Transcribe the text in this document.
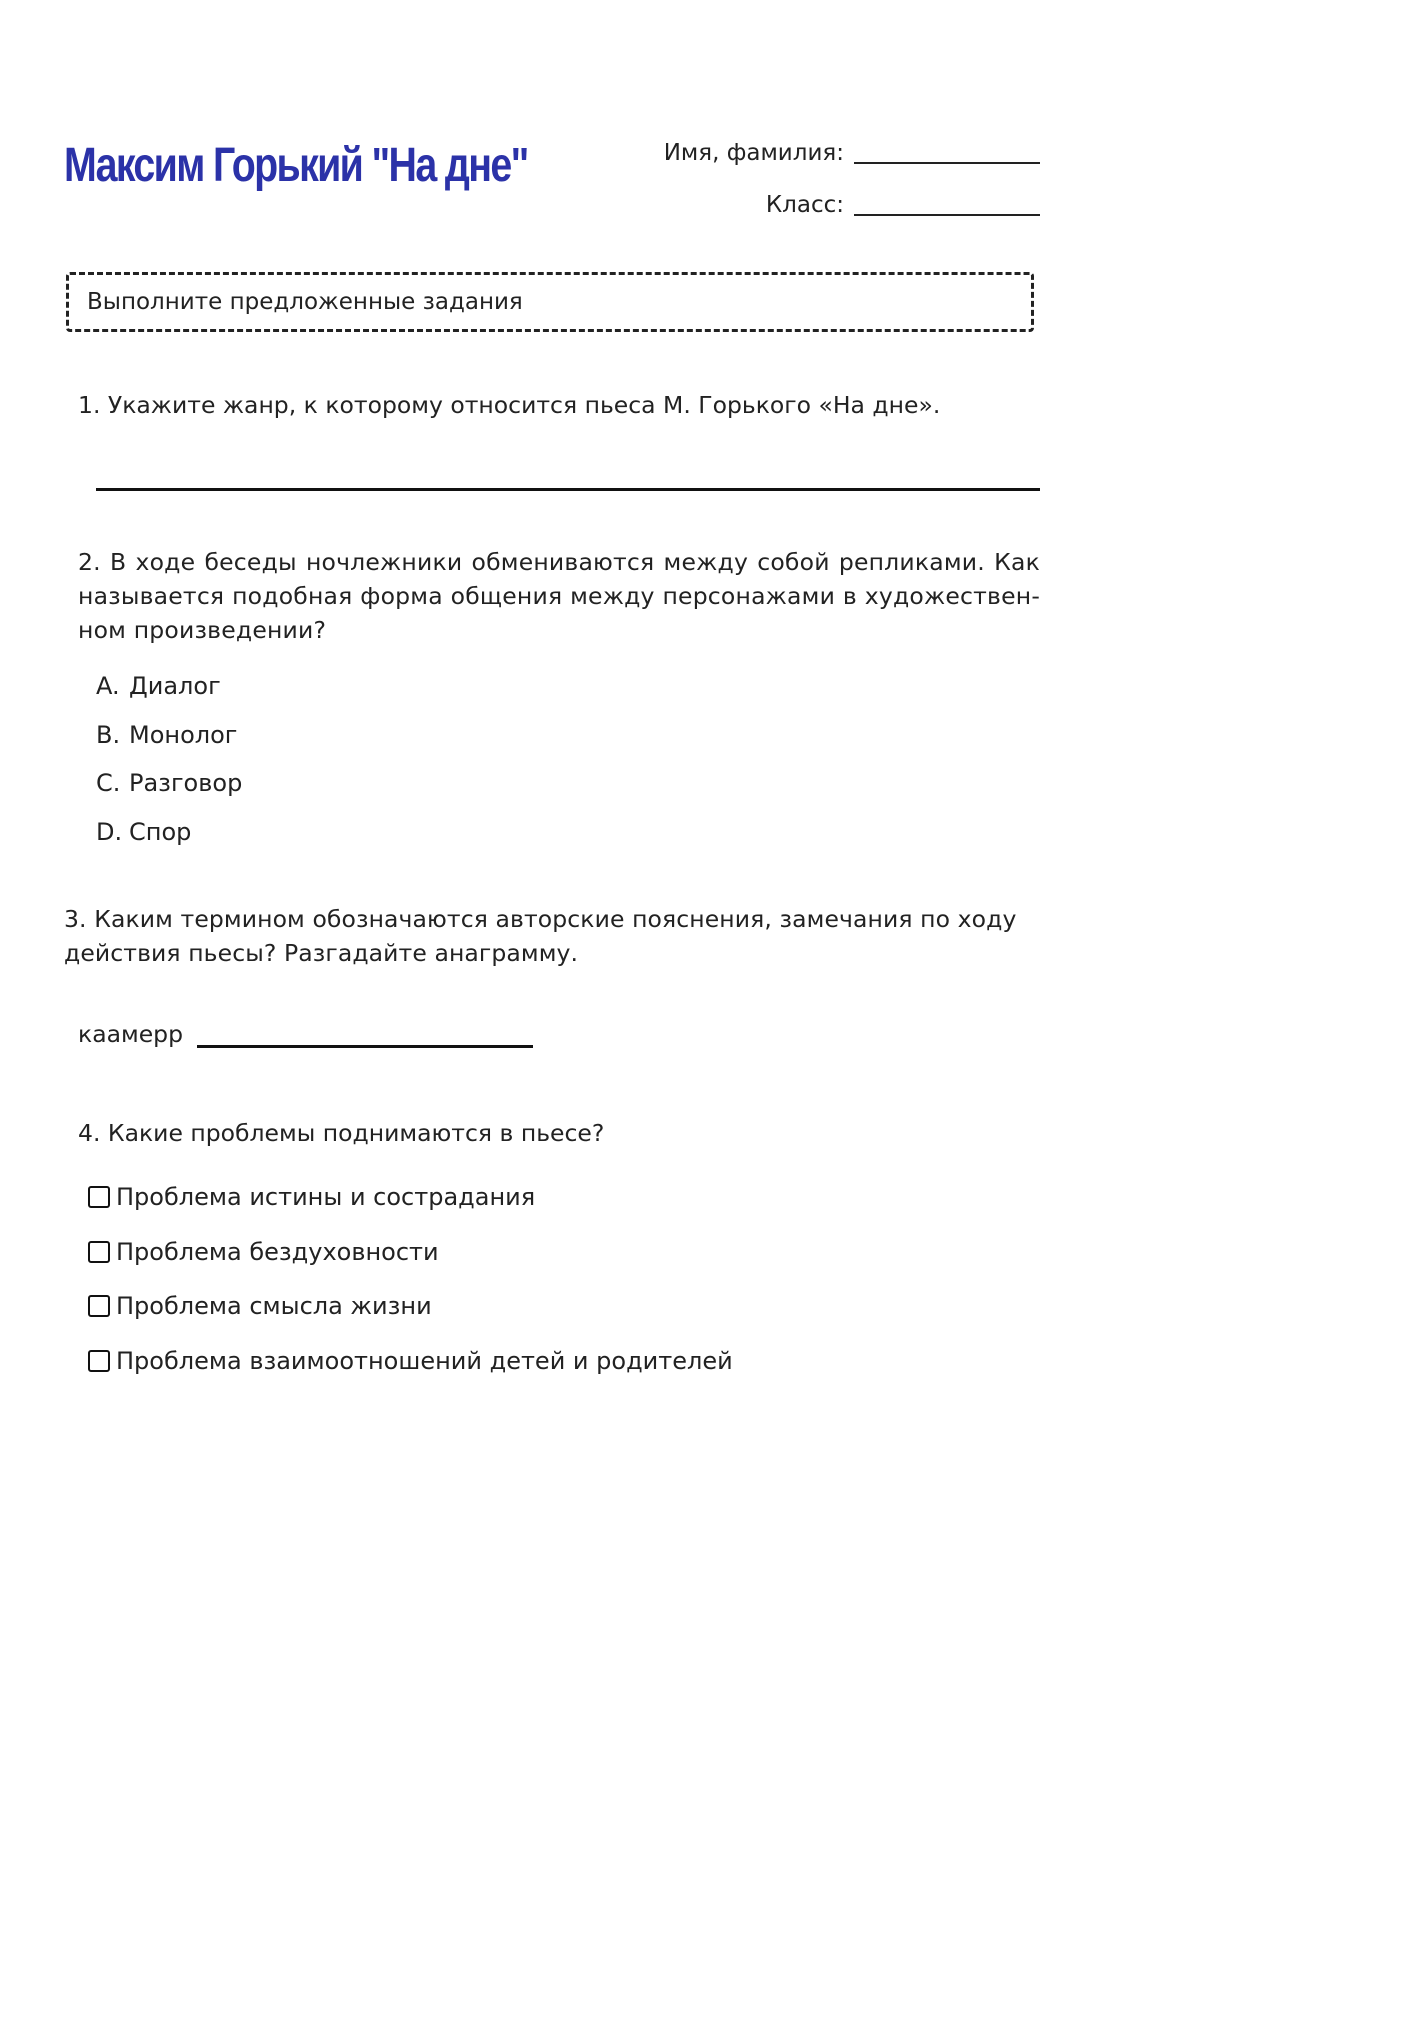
Максим Горький "На дне"	Имя, фамилия:
Класс:
Выполните предложенные задания

1. Укажите жанр, к которому относится пьеса М. Горького «На дне».

2. В ходе беседы ночлежники обмениваются между собой репликами. Как
называется подобная форма общения между персонажами в художествен-
ном произведении?

A. Диалог
B. Монолог
C. Разговор
D. Спор

3. Каким термином обозначаются авторские пояснения, замечания по ходу
действия пьесы? Разгадайте анаграмму.

каамерр

4. Какие проблемы поднимаются в пьесе?

Проблема истины и сострадания
Проблема бездуховности
Проблема смысла жизни
Проблема взаимоотношений детей и родителей
